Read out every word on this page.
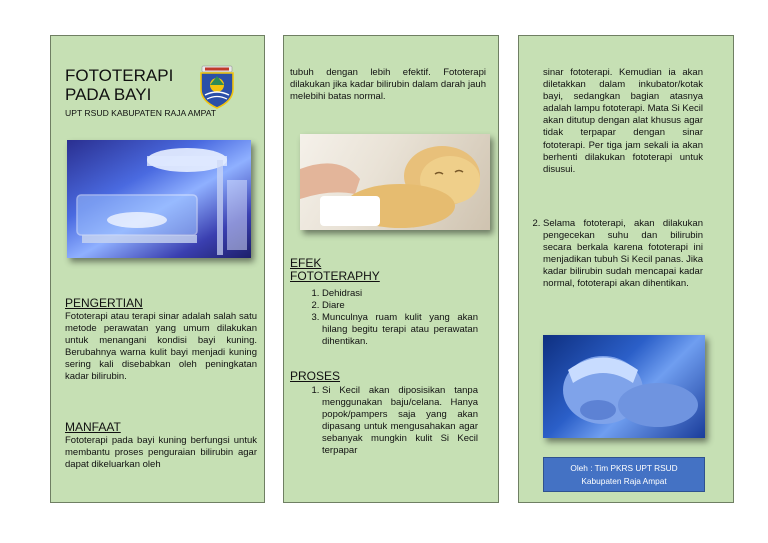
FOTOTERAPI
PADA BAYI
UPT RSUD KABUPATEN RAJA AMPAT
PENGERTIAN
Fototerapi atau terapi sinar adalah salah satu metode perawatan yang umum dilakukan untuk menangani kondisi bayi kuning. Berubahnya warna kulit bayi menjadi kuning sering kali disebabkan oleh peningkatan kadar bilirubin.
MANFAAT
Fototerapi pada bayi kuning berfungsi untuk membantu proses penguraian bilirubin agar dapat dikeluarkan oleh
tubuh dengan lebih efektif. Fototerapi dilakukan jika kadar bilirubin dalam darah jauh melebihi batas normal.
EFEK
FOTOTERAPHY
1. Dehidrasi
2. Diare
3. Munculnya ruam kulit yang akan hilang begitu terapi atau perawatan dihentikan.
PROSES
1. Si Kecil akan diposisikan tanpa menggunakan baju/celana. Hanya popok/pampers saja yang akan dipasang untuk mengusahakan agar sebanyak mungkin kulit Si Kecil terpapar
sinar fototerapi. Kemudian ia akan diletakkan dalam inkubator/kotak bayi, sedangkan bagian atasnya adalah lampu fototerapi. Mata Si Kecil akan ditutup dengan alat khusus agar tidak terpapar dengan sinar fototerapi. Per tiga jam sekali ia akan berhenti dilakukan fototerapi untuk disusui.
2. Selama fototerapi, akan dilakukan pengecekan suhu dan bilirubin secara berkala karena fototerapi ini menjadikan tubuh Si Kecil panas. Jika kadar bilirubin sudah mencapai kadar normal, fototerapi akan dihentikan.
Oleh : Tim PKRS UPT RSUD
Kabupaten Raja Ampat
